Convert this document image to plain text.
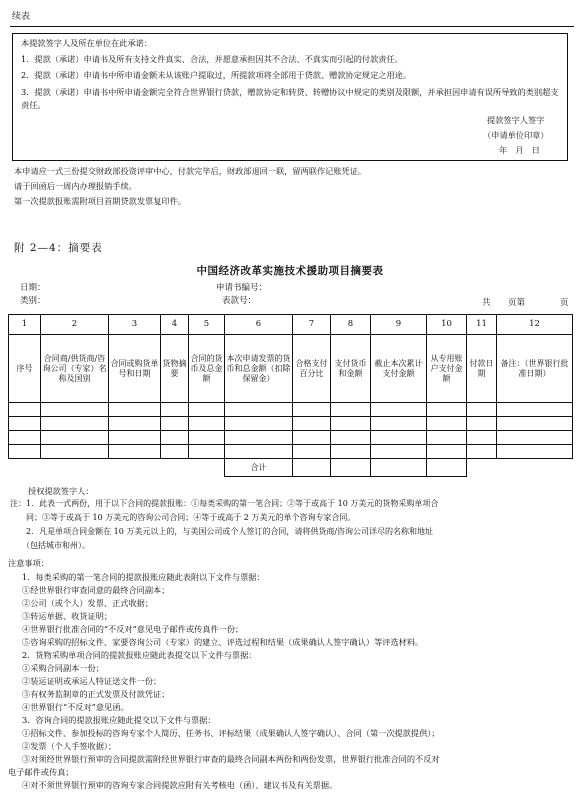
续表
本提款签字人及所在单位在此承诺：
1．提款（承诺）申请书及所有支持文件真实、合法，并愿意承担因其不合法、不真实而引起的付款责任。
2．提款（承诺）申请书中所申请金额未从该账户提取过，所提款项将全部用于贷款、赠款协定规定之用途。
3．提款（承诺）申请书中所申请金额完全符合世界银行贷款，赠款协定和转贷、转赠协议中规定的类别及限额，并承担因申请有误所导致的类别超支责任。
提款签字人签字
（申请单位印章）
年　月　日
本申请应一式三份提交财政部投资评审中心，付款完毕后，财政部退回一联，留两联作记账凭证。
请于回函后一周内办理报销手续。
第一次提款报账需附项目首期贷款发票复印件。
附 2—4：摘要表
中国经济改革实施技术援助项目摘要表
日期：	申请书编号：
类别：	表款号：	共 页第	页
1	2	3	4	5	6	7	8	9	10	11	12
序号	合同商/供货商/咨询公司（专家）名称及国别	合同或购货单号和日期	货物摘要	合同的货币及总金额	本次申请发票的货币和总金额（扣除保留金）	合格支付百分比	支付货币和金额	截止本次累计支付金额	从专用账户支付金额	付款日期	备注：（世界银行批准日期）

					合计						
授权提款签字人：
注：1．此表一式两份，用于以下合同的提款报账：①每类采购的第一笔合同；②等于或高于 10 万美元的货物采购单项合
　　同；③等于或高于 10 万美元的咨询公司合同；④等于或高于 2 万美元的单个咨询专家合同。
　　2．凡是单项合同金额在 10 万美元以上的，与美国公司或个人签订的合同，请将供货商/咨询公司详尽的名称和地址
　　（包括城市和州）。
注意事项：
1．每类采购的第一笔合同的提款报账应随此表附以下文件与票据：
①经世界银行审查同意的最终合同副本；
②公司（或个人）发票、正式收据；
③转运单据、收货证明；
④世界银行批准合同的“不反对”意见电子邮件或传真件一份；
⑤咨询采购的招标文件、家要咨询公司（专家）的建立、评选过程和结果（成果确认人签字确认）等评选材料。
2．货物采购单项合同的提款报账应随此表提交以下文件与票据：
①采购合同副本一份；
②装运证明或承运人特证送文件一份；
③有权务监制章的正式发票及付款凭证；
④世界银行“不反对”意见函。
3．咨询合同的提款报账应随此提交以下文件与票据：
①招标文件、参加投标的咨询专家个人简历、任务书、评标结果（成果确认人签字确认）、合同（第一次提款提供）；
②发票（个人手签收据）；
③对须经世界银行预审的合同提款需附经世界银行审查的最终合同副本两份和两份发票，世界银行批准合同的不反对
电子邮件或传真；
④对不须世界银行预审的咨询专家合同提款应附有关考核电（函）、建议书及有关票据。
